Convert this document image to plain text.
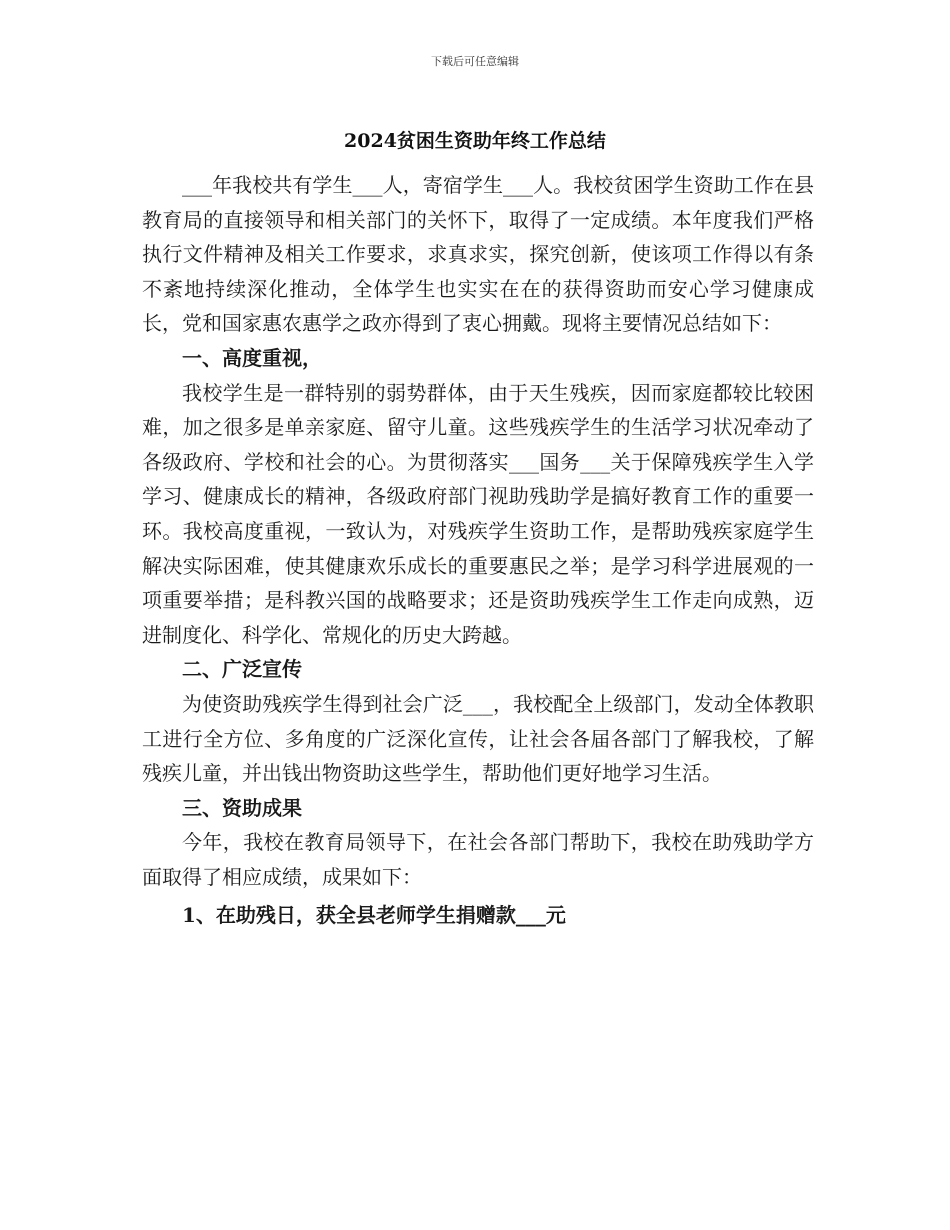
下载后可任意编辑
2024贫困生资助年终工作总结

___年我校共有学生___人，寄宿学生___人。我校贫困学生资助工作在县教育局的直接领导和相关部门的关怀下，取得了一定成绩。本年度我们严格执行文件精神及相关工作要求，求真求实，探究创新，使该项工作得以有条不紊地持续深化推动，全体学生也实实在在的获得资助而安心学习健康成长，党和国家惠农惠学之政亦得到了衷心拥戴。现将主要情况总结如下：

一、高度重视，

我校学生是一群特别的弱势群体，由于天生残疾，因而家庭都较比较困难，加之很多是单亲家庭、留守儿童。这些残疾学生的生活学习状况牵动了各级政府、学校和社会的心。为贯彻落实___国务___关于保障残疾学生入学学习、健康成长的精神，各级政府部门视助残助学是搞好教育工作的重要一环。我校高度重视，一致认为，对残疾学生资助工作，是帮助残疾家庭学生解决实际困难，使其健康欢乐成长的重要惠民之举；是学习科学进展观的一项重要举措；是科教兴国的战略要求；还是资助残疾学生工作走向成熟，迈进制度化、科学化、常规化的历史大跨越。

二、广泛宣传

为使资助残疾学生得到社会广泛___，我校配全上级部门，发动全体教职工进行全方位、多角度的广泛深化宣传，让社会各届各部门了解我校，了解残疾儿童，并出钱出物资助这些学生，帮助他们更好地学习生活。

三、资助成果

今年，我校在教育局领导下，在社会各部门帮助下，我校在助残助学方面取得了相应成绩，成果如下：

1、在助残日，获全县老师学生捐赠款___元
